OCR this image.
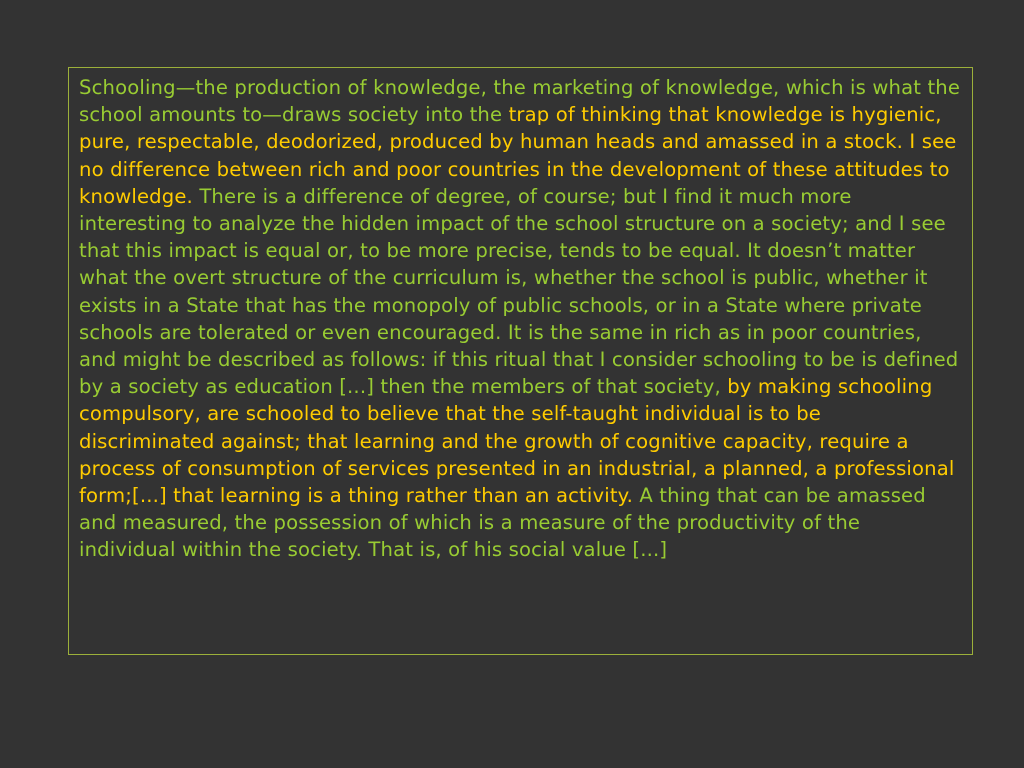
Schooling—the production of knowledge, the marketing of knowledge, which is what the school amounts to—draws society into the trap of thinking that knowledge is hygienic, pure, respectable, deodorized, produced by human heads and amassed in a stock. I see no difference between rich and poor countries in the development of these attitudes to knowledge. There is a difference of degree, of course; but I find it much more interesting to analyze the hidden impact of the school structure on a society; and I see that this impact is equal or, to be more precise, tends to be equal. It doesn’t matter what the overt structure of the curriculum is, whether the school is public, whether it exists in a State that has the monopoly of public schools, or in a State where private schools are tolerated or even encouraged. It is the same in rich as in poor countries, and might be described as follows: if this ritual that I consider schooling to be is defined by a society as education [...] then the members of that society, by making schooling compulsory, are schooled to believe that the self-taught individual is to be discriminated against; that learning and the growth of cognitive capacity, require a process of consumption of services presented in an industrial, a planned, a professional form;[...] that learning is a thing rather than an activity. A thing that can be amassed and measured, the possession of which is a measure of the productivity of the individual within the society. That is, of his social value [...]
